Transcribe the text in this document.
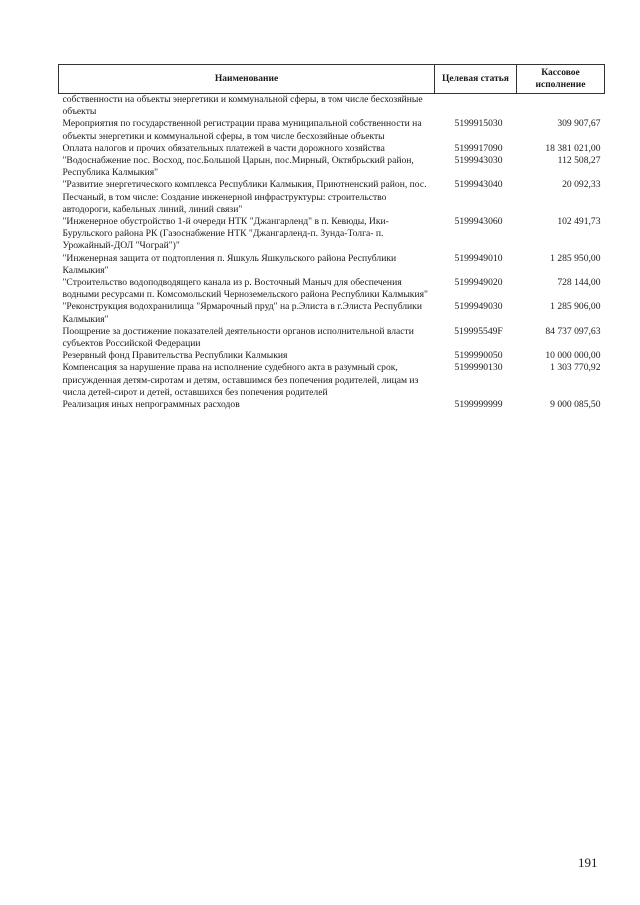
Наименование	Целевая статья	Кассовое исполнение
собственности на объекты энергетики и коммунальной сферы, в том числе бесхозяйные объекты		
Мероприятия по государственной регистрации права муниципальной собственности на объекты энергетики и коммунальной сферы, в том числе бесхозяйные объекты	5199915030	309 907,67
Оплата налогов и прочих обязательных платежей в части дорожного хозяйства	5199917090	18 381 021,00
"Водоснабжение пос. Восход, пос.Большой Царын, пос.Мирный, Октябрьский район, Республика Калмыкия"	5199943030	112 508,27
"Развитие энергетического комплекса Республики Калмыкия, Приютненский район, пос. Песчаный, в том числе: Создание инженерной инфраструктуры: строительство автодороги, кабельных линий, линий связи"	5199943040	20 092,33
"Инженерное обустройство 1-й очереди НТК "Джангарленд" в п. Кевюды, Ики-Бурульского района РК (Газоснабжение НТК "Джангарленд-п. Зунда-Толга- п. Урожайный-ДОЛ "Чограй")"	5199943060	102 491,73
"Инженерная защита от подтопления п. Яшкуль Яшкульского района Республики Калмыкия"	5199949010	1 285 950,00
"Строительство водоподводящего канала из р. Восточный Маныч для обеспечения водными ресурсами п. Комсомольский Черноземельского района Республики Калмыкия"	5199949020	728 144,00
"Реконструкция водохранилища "Ярмарочный пруд" на р.Элиста в г.Элиста Республики Калмыкия"	5199949030	1 285 906,00
Поощрение за достижение показателей деятельности органов исполнительной власти субъектов Российской Федерации	519995549F	84 737 097,63
Резервный фонд Правительства Республики Калмыкия	5199990050	10 000 000,00
Компенсация за нарушение права на исполнение судебного акта в разумный срок, присужденная детям-сиротам и детям, оставшимся без попечения родителей, лицам из числа детей-сирот и детей, оставшихся без попечения родителей	5199990130	1 303 770,92
Реализация иных непрограммных расходов	5199999999	9 000 085,50
191
